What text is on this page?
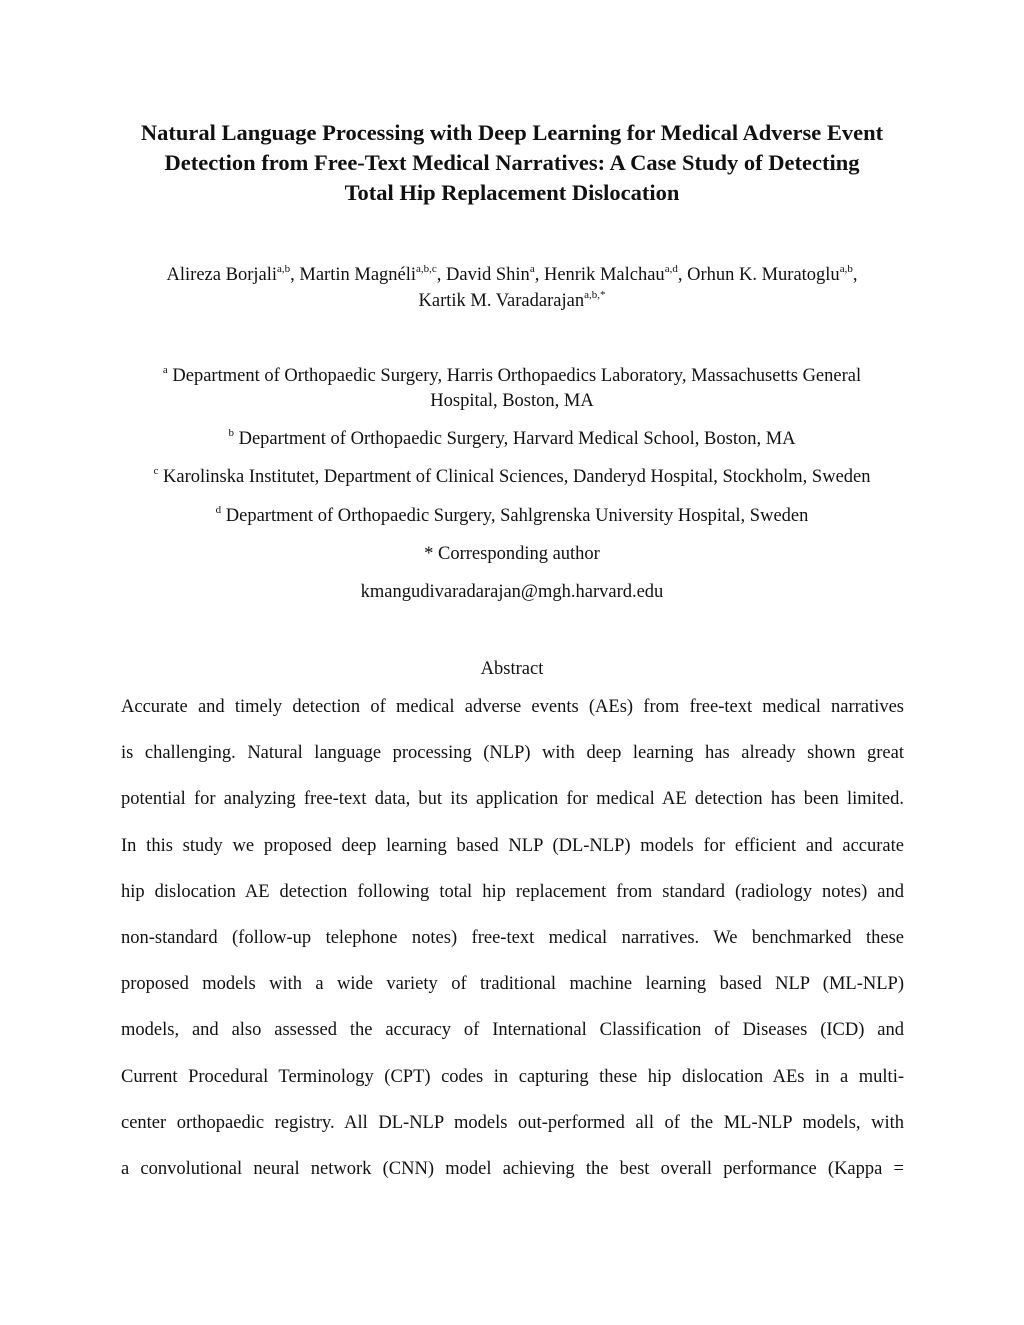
Natural Language Processing with Deep Learning for Medical Adverse Event
Detection from Free-Text Medical Narratives: A Case Study of Detecting
Total Hip Replacement Dislocation
Alireza Borjali$^{a,b}$, Martin Magnéli$^{a,b,c}$, David Shin$^a$, Henrik Malchau$^{a,d}$, Orhun K. Muratoglu$^{a,b}$,
Kartik M. Varadarajan$^{a,b,*}$
$^a$ Department of Orthopaedic Surgery, Harris Orthopaedics Laboratory, Massachusetts General
Hospital, Boston, MA
$^b$ Department of Orthopaedic Surgery, Harvard Medical School, Boston, MA
$^c$ Karolinska Institutet, Department of Clinical Sciences, Danderyd Hospital, Stockholm, Sweden
$^d$ Department of Orthopaedic Surgery, Sahlgrenska University Hospital, Sweden
* Corresponding author
kmangudivaradarajan@mgh.harvard.edu
Abstract
Accurate and timely detection of medical adverse events (AEs) from free-text medical narratives
is challenging. Natural language processing (NLP) with deep learning has already shown great
potential for analyzing free-text data, but its application for medical AE detection has been limited.
In this study we proposed deep learning based NLP (DL-NLP) models for efficient and accurate
hip dislocation AE detection following total hip replacement from standard (radiology notes) and
non-standard (follow-up telephone notes) free-text medical narratives. We benchmarked these
proposed models with a wide variety of traditional machine learning based NLP (ML-NLP)
models, and also assessed the accuracy of International Classification of Diseases (ICD) and
Current Procedural Terminology (CPT) codes in capturing these hip dislocation AEs in a multi-
center orthopaedic registry. All DL-NLP models out-performed all of the ML-NLP models, with
a convolutional neural network (CNN) model achieving the best overall performance (Kappa =
